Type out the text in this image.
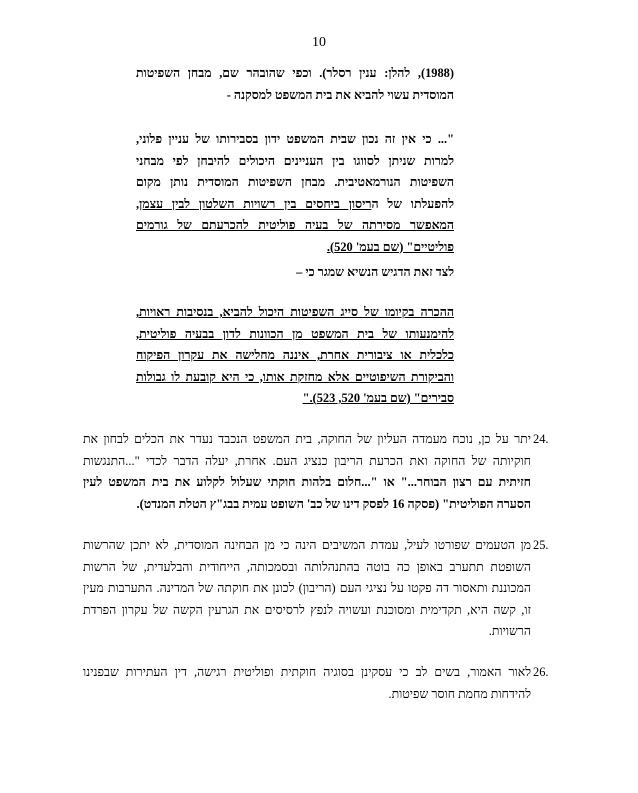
10
(1988), להלן: ענין רסלר). וכפי שהובהר שם, מבחן השפיטות
המוסדית עשוי להביא את בית המשפט למסקנה -
"... כי אין זה נכון שבית המשפט ידון בסבירותו של עניין פלוני,
למרות שניתן לסווגו בין העניינים היכולים להיבחן לפי מבחני
השפיטות הנורמאטיבית. מבחן השפיטות המוסדית נותן מקום
להפעלתו של הריסון ביחסים בין רשויות השלטון לבין עצמן,
המאפשר מסירתה של בעיה פוליטית להכרעתם של גורמים
פוליטיים" (שם בעמ' 520).
לצד זאת הדגיש הנשיא שמגר כי –
ההכרה בקיומו של סייג השפיטות היכול להביא, בנסיבות ראויות,
להימנעותו של בית המשפט מן הכוונות לדון בבעיה פוליטית,
כלכלית או ציבורית אחרת, איננה מחלישה את עקרון הפיקוח
והביקורת השיפוטיים אלא מחזקת אותו, כי היא קובעת לו גבולות
סבירים" (שם בעמ' 520, 523)."
24.
יתר על כן, נוכח מעמדה העליון של החוקה, בית המשפט הנכבד נעדר את הכלים לבחון את
חוקיותה של החוקה ואת הכרעת הריבון כנציג העם. אחרת, יעלה הדבר לכדי "...התנגשות
חזיתית עם רצון הבוחר..." או "...חלום בלהות חוקתי שעלול לקלוע את בית המשפט לעין
הסערה הפוליטית" (פסקה 16 לפסק דינו של כב' השופט עמית בבג"ץ הטלת המנדט).
25.
מן הטעמים שפורטו לעיל, עמדת המשיבים הינה כי מן הבחינה המוסדית, לא יתכן שהרשות
השופטת תתערב באופן כה בוטה בהתנהלותה ובסמכותה, הייחודית והבלעדית, של הרשות
המכוננת ותאסור דה פקטו על נציגי העם (הריבון) לכונן את חוקתה של המדינה. התערבות מעין
זו, קשה היא, תקדימית ומסוכנת ועשויה לנפץ לרסיסים את הגרעין הקשה של עקרון הפרדת
הרשויות.
26.
לאור האמור, בשים לב כי עסקינן בסוגיה חוקתית ופוליטית רגישה, דין העתירות שבפנינו
להידחות מחמת חוסר שפיטות.
